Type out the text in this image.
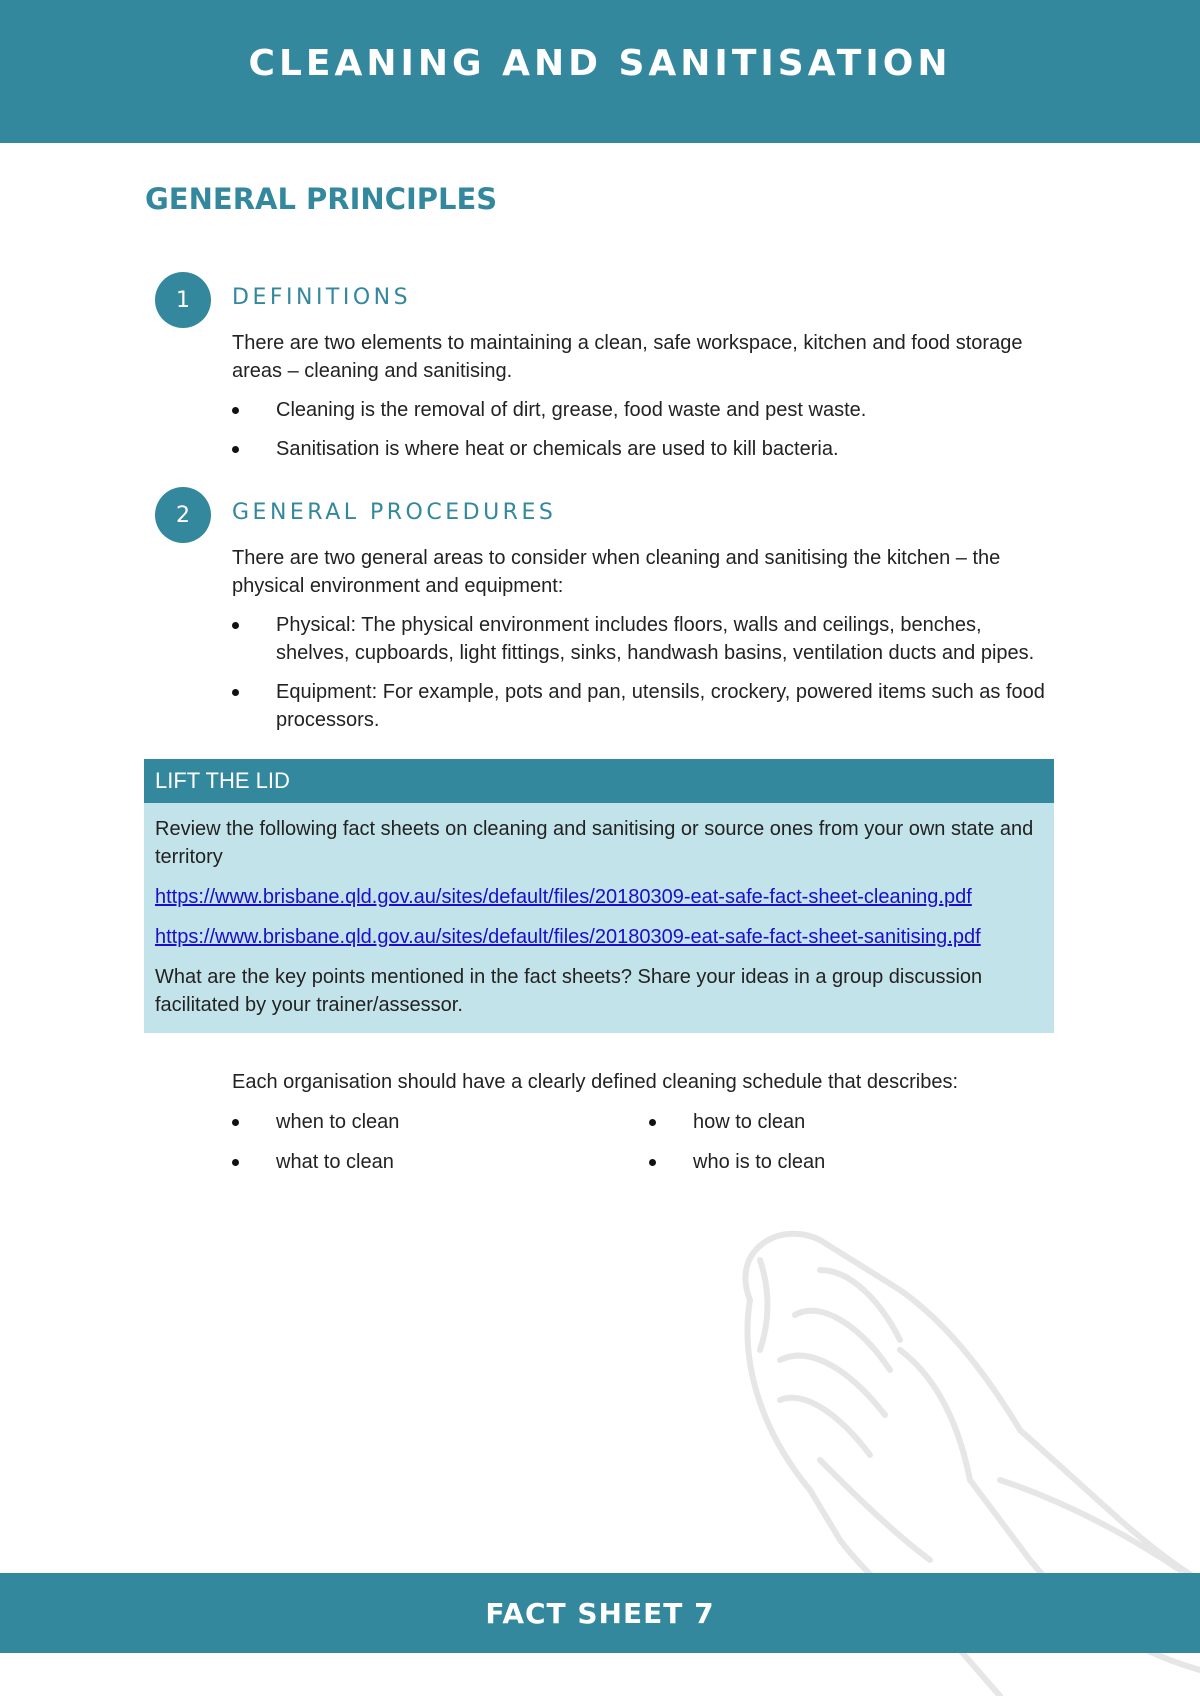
CLEANING AND SANITISATION
GENERAL PRINCIPLES
1	DEFINITIONS

There are two elements to maintaining a clean, safe workspace, kitchen and food storage areas – cleaning and sanitising.

Cleaning is the removal of dirt, grease, food waste and pest waste.
Sanitisation is where heat or chemicals are used to kill bacteria.
2	GENERAL PROCEDURES

There are two general areas to consider when cleaning and sanitising the kitchen – the physical environment and equipment:

Physical: The physical environment includes floors, walls and ceilings, benches, shelves, cupboards, light fittings, sinks, handwash basins, ventilation ducts and pipes.
Equipment: For example, pots and pan, utensils, crockery, powered items such as food processors.
LIFT THE LID

Review the following fact sheets on cleaning and sanitising or source ones from your own state and territory

https://www.brisbane.qld.gov.au/sites/default/files/20180309-eat-safe-fact-sheet-cleaning.pdf

https://www.brisbane.qld.gov.au/sites/default/files/20180309-eat-safe-fact-sheet-sanitising.pdf

What are the key points mentioned in the fact sheets? Share your ideas in a group discussion facilitated by your trainer/assessor.

Each organisation should have a clearly defined cleaning schedule that describes:

when to clean
what to clean
how to clean
who is to clean
FACT SHEET 7
